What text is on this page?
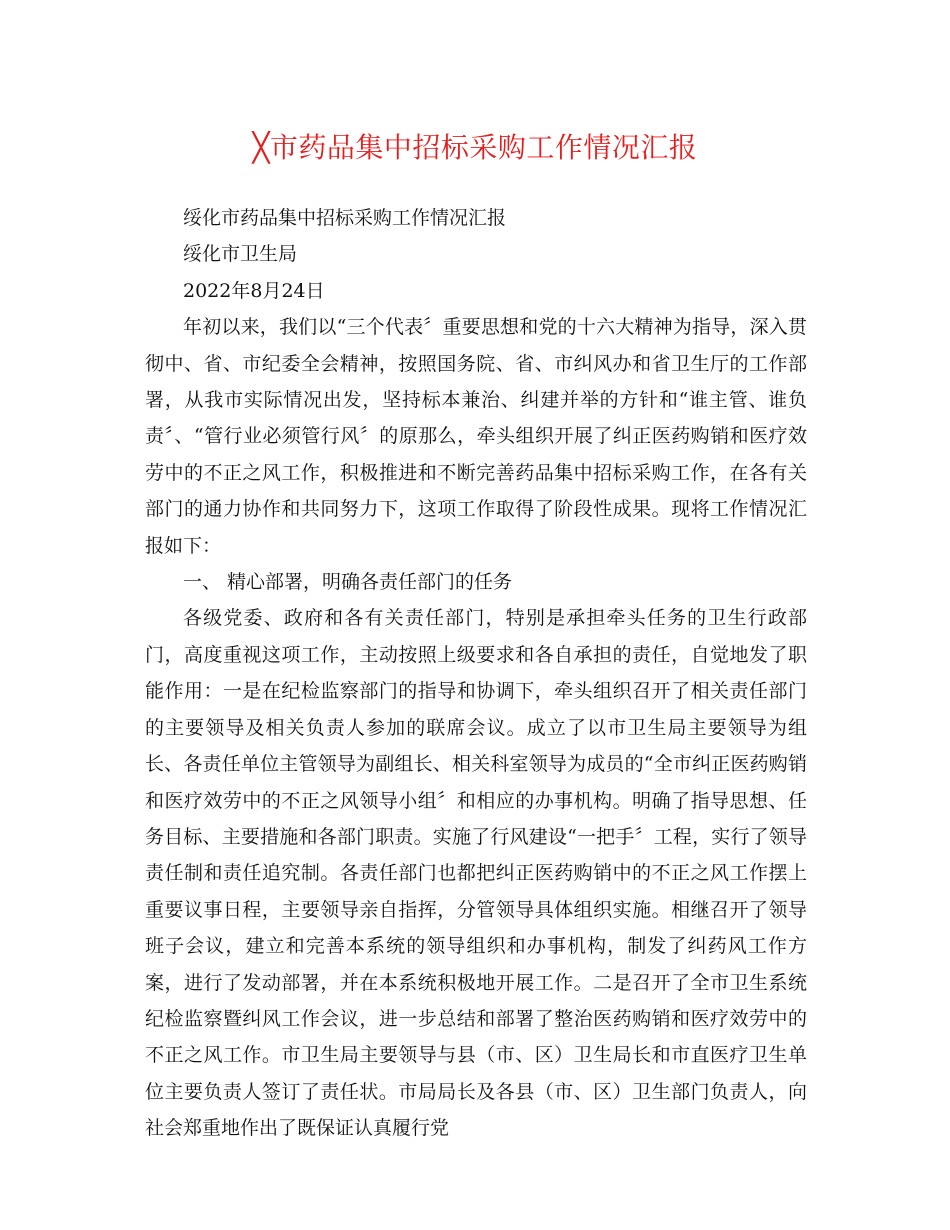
╳市药品集中招标采购工作情况汇报

绥化市药品集中招标采购工作情况汇报

绥化市卫生局

2022年8月24日

年初以来，我们以“三个代表〞重要思想和党的十六大精神为指导，深入贯彻中、省、市纪委全会精神，按照国务院、省、市纠风办和省卫生厅的工作部署，从我市实际情况出发，坚持标本兼治、纠建并举的方针和“谁主管、谁负责〞、“管行业必须管行风〞的原那么，牵头组织开展了纠正医药购销和医疗效劳中的不正之风工作，积极推进和不断完善药品集中招标采购工作，在各有关部门的通力协作和共同努力下，这项工作取得了阶段性成果。现将工作情况汇报如下：

一、 精心部署，明确各责任部门的任务

各级党委、政府和各有关责任部门，特别是承担牵头任务的卫生行政部门，高度重视这项工作，主动按照上级要求和各自承担的责任，自觉地发了职能作用：一是在纪检监察部门的指导和协调下，牵头组织召开了相关责任部门的主要领导及相关负责人参加的联席会议。成立了以市卫生局主要领导为组长、各责任单位主管领导为副组长、相关科室领导为成员的“全市纠正医药购销和医疗效劳中的不正之风领导小组〞和相应的办事机构。明确了指导思想、任务目标、主要措施和各部门职责。实施了行风建设“一把手〞工程，实行了领导责任制和责任追究制。各责任部门也都把纠正医药购销中的不正之风工作摆上重要议事日程，主要领导亲自指挥，分管领导具体组织实施。相继召开了领导班子会议，建立和完善本系统的领导组织和办事机构，制发了纠药风工作方案，进行了发动部署，并在本系统积极地开展工作。二是召开了全市卫生系统纪检监察暨纠风工作会议，进一步总结和部署了整治医药购销和医疗效劳中的不正之风工作。市卫生局主要领导与县（市、区）卫生局长和市直医疗卫生单位主要负责人签订了责任状。市局局长及各县（市、区）卫生部门负责人，向社会郑重地作出了既保证认真履行党
